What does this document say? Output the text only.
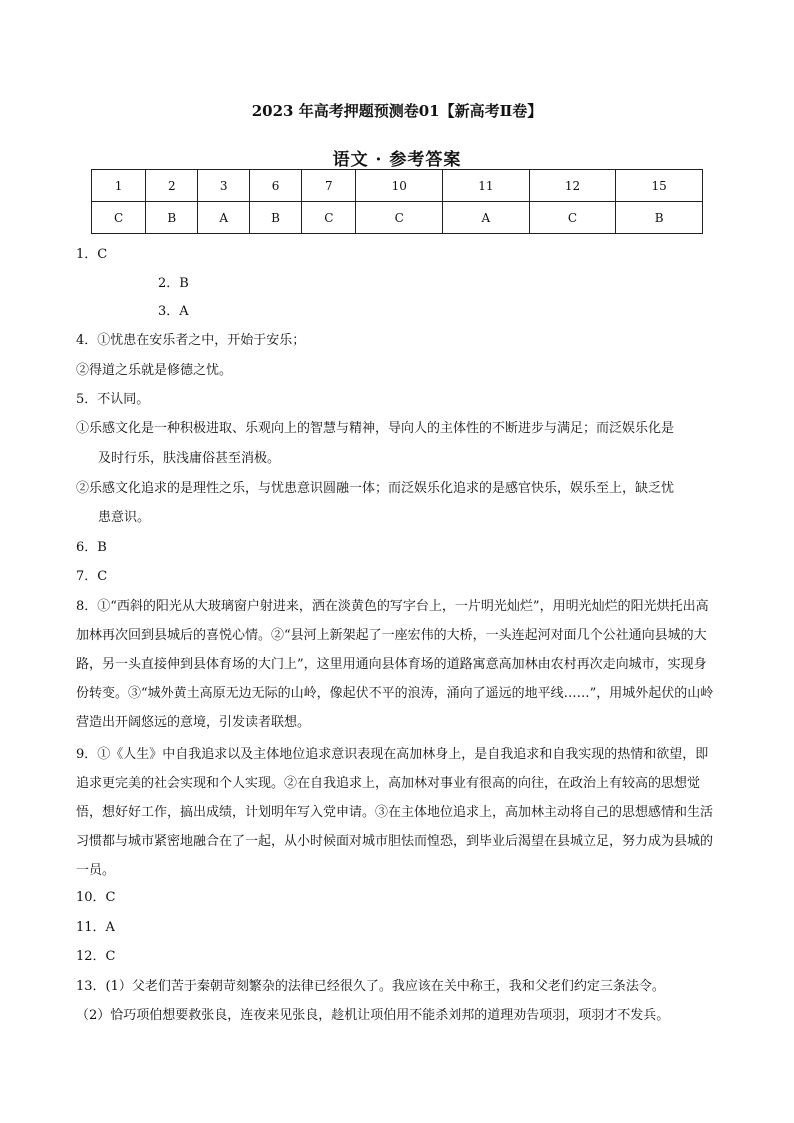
2023 年高考押题预测卷01【新高考Ⅱ卷】
语文 · 参考答案
1	2	3	6	7	10	11	12	15
C	B	A	B	C	C	A	C	B
1．C
2．B
3．A
4．①忧患在安乐者之中，开始于安乐；
②得道之乐就是修德之忧。
5．不认同。
①乐感文化是一种积极进取、乐观向上的智慧与精神，导向人的主体性的不断进步与满足；而泛娱乐化是
及时行乐，肤浅庸俗甚至消极。
②乐感文化追求的是理性之乐，与忧患意识圆融一体；而泛娱乐化追求的是感官快乐，娱乐至上，缺乏忧
患意识。
6．B
7．C
8．①“西斜的阳光从大玻璃窗户射进来，洒在淡黄色的写字台上，一片明光灿烂”，用明光灿烂的阳光烘托出高加林再次回到县城后的喜悦心情。②“县河上新架起了一座宏伟的大桥，一头连起河对面几个公社通向县城的大路，另一头直接伸到县体育场的大门上”，这里用通向县体育场的道路寓意高加林由农村再次走向城市，实现身份转变。③“城外黄土高原无边无际的山岭，像起伏不平的浪涛，涌向了遥远的地平线……”，用城外起伏的山岭营造出开阔悠远的意境，引发读者联想。
9．①《人生》中自我追求以及主体地位追求意识表现在高加林身上，是自我追求和自我实现的热情和欲望，即追求更完美的社会实现和个人实现。②在自我追求上，高加林对事业有很高的向往，在政治上有较高的思想觉悟，想好好工作，搞出成绩，计划明年写入党申请。③在主体地位追求上，高加林主动将自己的思想感情和生活习惯都与城市紧密地融合在了一起，从小时候面对城市胆怯而惶恐，到毕业后渴望在县城立足，努力成为县城的一员。
10．C
11．A
12．C
13．(1）父老们苦于秦朝苛刻繁杂的法律已经很久了。我应该在关中称王，我和父老们约定三条法令。
（2）恰巧项伯想要救张良，连夜来见张良，趁机让项伯用不能杀刘邦的道理劝告项羽，项羽才不发兵。
